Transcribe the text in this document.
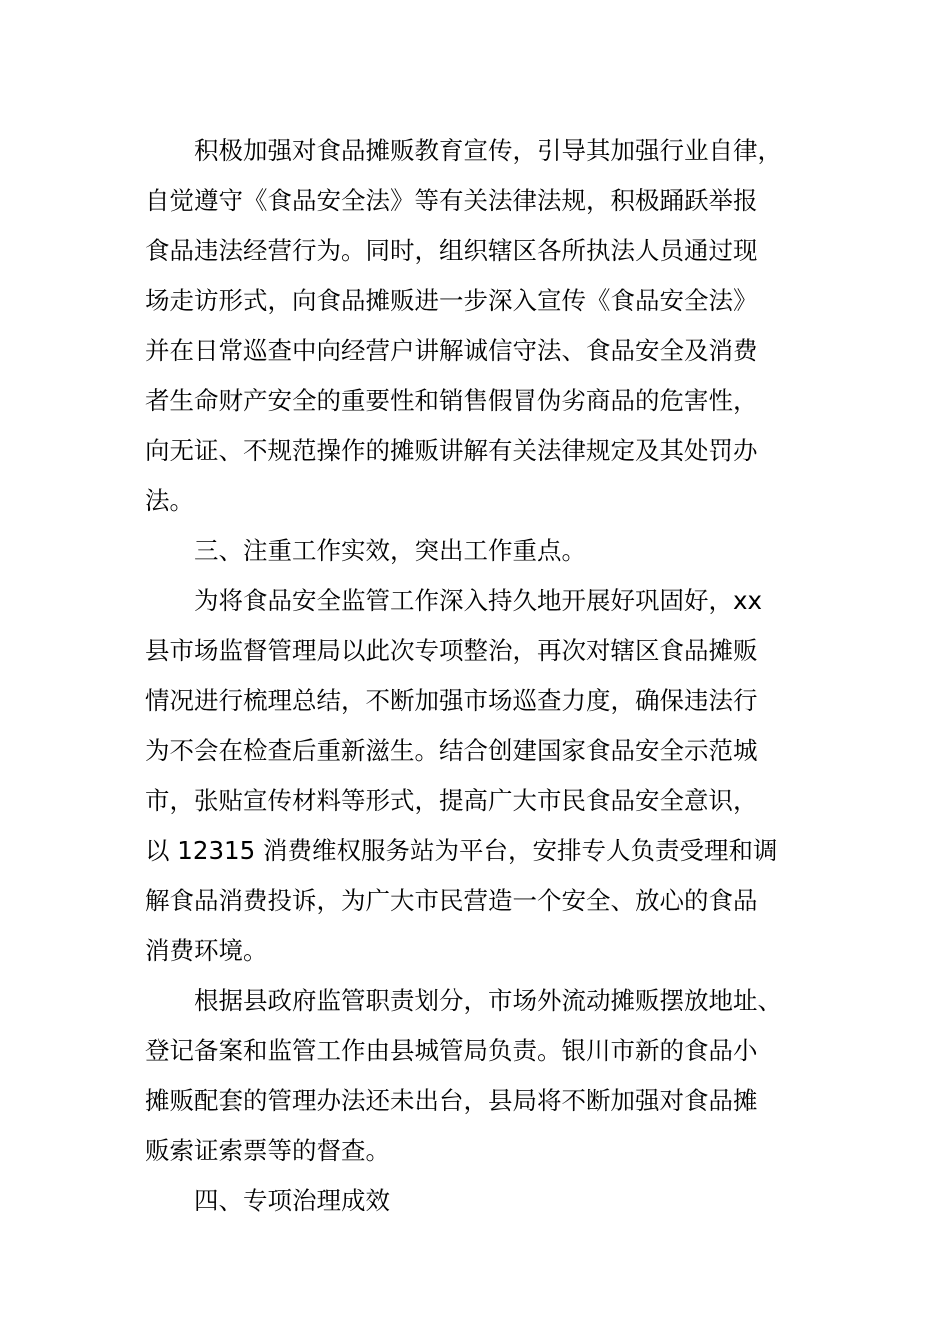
积极加强对食品摊贩教育宣传，引导其加强行业自律，
自觉遵守《食品安全法》等有关法律法规，积极踊跃举报
食品违法经营行为。同时，组织辖区各所执法人员通过现
场走访形式，向食品摊贩进一步深入宣传《食品安全法》
并在日常巡查中向经营户讲解诚信守法、食品安全及消费
者生命财产安全的重要性和销售假冒伪劣商品的危害性，
向无证、不规范操作的摊贩讲解有关法律规定及其处罚办
法。
三、注重工作实效，突出工作重点。
为将食品安全监管工作深入持久地开展好巩固好，xx
县市场监督管理局以此次专项整治，再次对辖区食品摊贩
情况进行梳理总结，不断加强市场巡查力度，确保违法行
为不会在检查后重新滋生。结合创建国家食品安全示范城
市，张贴宣传材料等形式，提高广大市民食品安全意识，
以 12315 消费维权服务站为平台，安排专人负责受理和调
解食品消费投诉，为广大市民营造一个安全、放心的食品
消费环境。
根据县政府监管职责划分，市场外流动摊贩摆放地址、
登记备案和监管工作由县城管局负责。银川市新的食品小
摊贩配套的管理办法还未出台，县局将不断加强对食品摊
贩索证索票等的督查。
四、专项治理成效
